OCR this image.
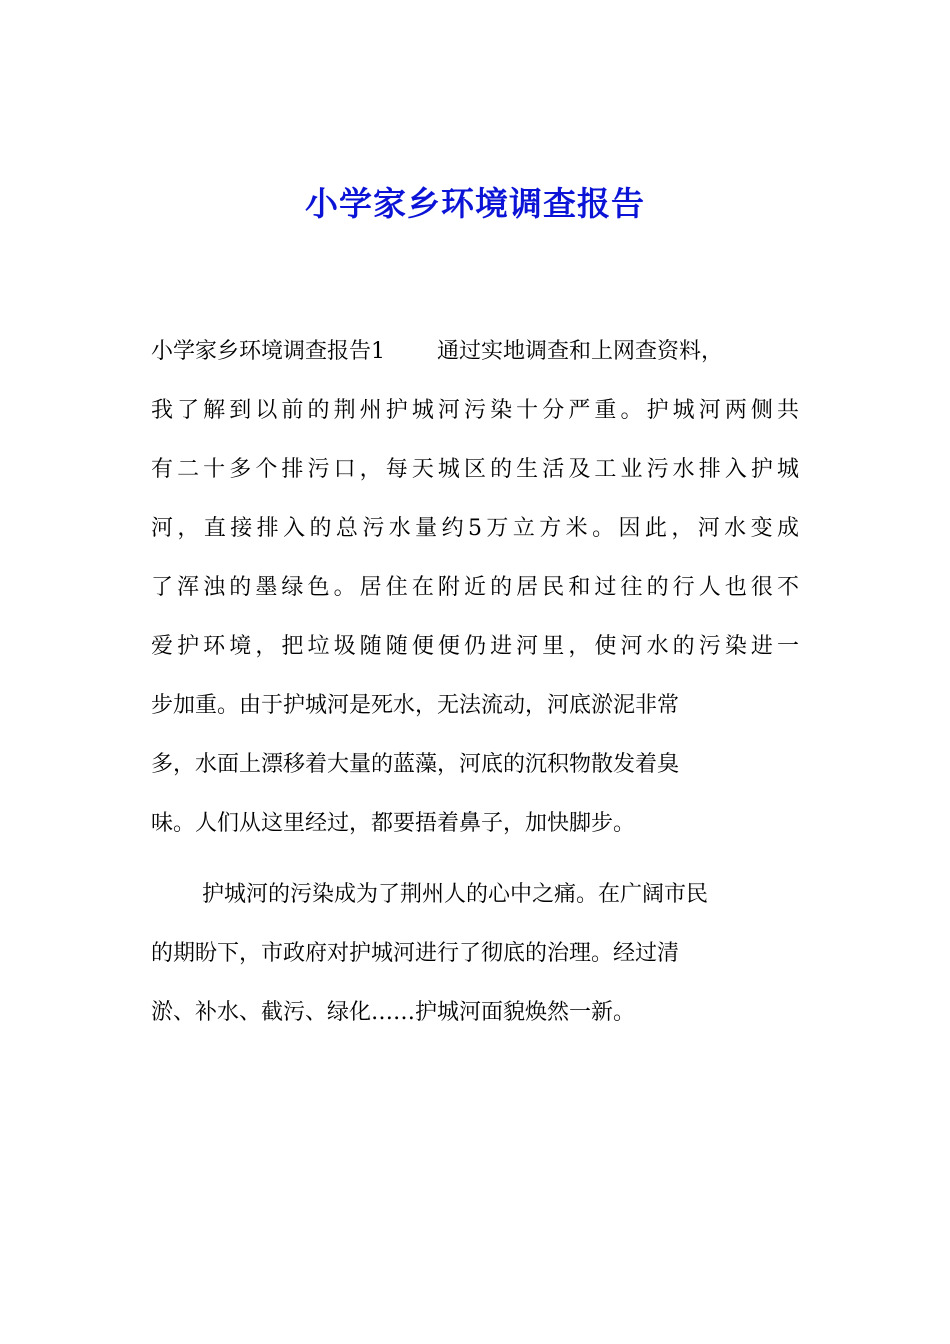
小学家乡环境调查报告
小学家乡环境调查报告1 通过实地调查和上网查资料，
我了解到以前的荆州护城河污染十分严重。护城河两侧共
有二十多个排污口，每天城区的生活及工业污水排入护城
河，直接排入的总污水量约5万立方米。因此，河水变成
了浑浊的墨绿色。居住在附近的居民和过往的行人也很不
爱护环境，把垃圾随随便便仍进河里，使河水的污染进一
步加重。由于护城河是死水，无法流动，河底淤泥非常
多，水面上漂移着大量的蓝藻，河底的沉积物散发着臭
味。人们从这里经过，都要捂着鼻子，加快脚步。
护城河的污染成为了荆州人的心中之痛。在广阔市民
的期盼下，市政府对护城河进行了彻底的治理。经过清
淤、补水、截污、绿化……护城河面貌焕然一新。
